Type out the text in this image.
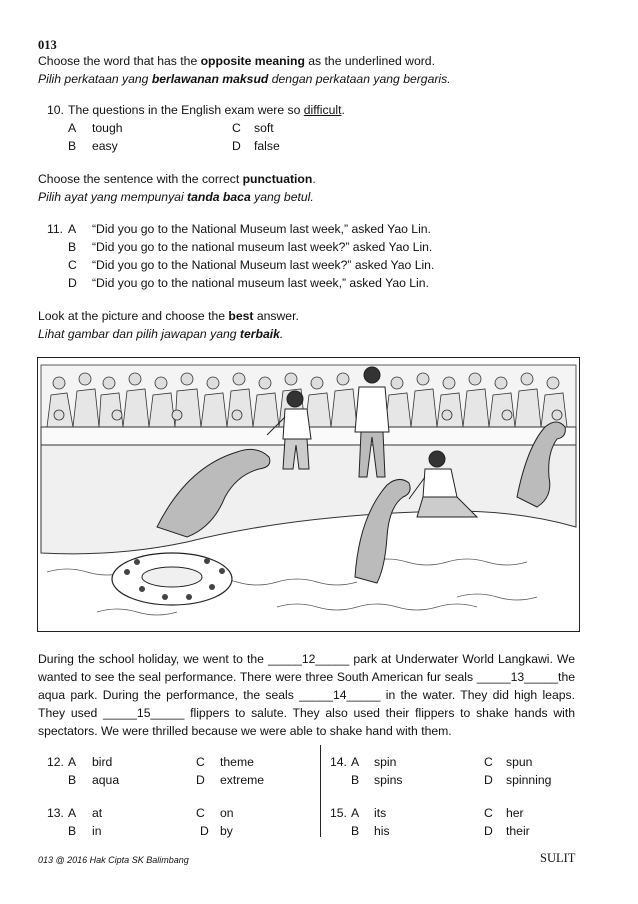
013
Choose the word that has the opposite meaning as the underlined word.
Pilih perkataan yang berlawanan maksud dengan perkataan yang bergaris.
10. The questions in the English exam were so difficult.
A tough	C soft
B easy	D false
Choose the sentence with the correct punctuation.
Pilih ayat yang mempunyai tanda baca yang betul.
11. A “Did you go to the National Museum last week,” asked Yao Lin.
B “Did you go to the national museum last week?” asked Yao Lin.
C “Did you go to the National Museum last week?” asked Yao Lin.
D “Did you go to the national museum last week,” asked Yao Lin.
Look at the picture and choose the best answer.
Lihat gambar dan pilih jawapan yang terbaik.
During the school holiday, we went to the _____12_____ park at Underwater World Langkawi. We
wanted to see the seal performance. There were three South American fur seals _____13_____the
aqua park. During the performance, the seals _____14_____ in the water. They did high leaps.
They used _____15_____ flippers to salute. They also used their flippers to shake hands with
spectators. We were thrilled because we were able to shake hand with them.
12. A bird	C theme
B aqua	D extreme
14. A spin	C spun
B spins	D spinning
13. A at	C on
B in	D by
15. A its	C her
B his	D their
013 @ 2016 Hak Cipta SK Balimbang	SULIT
